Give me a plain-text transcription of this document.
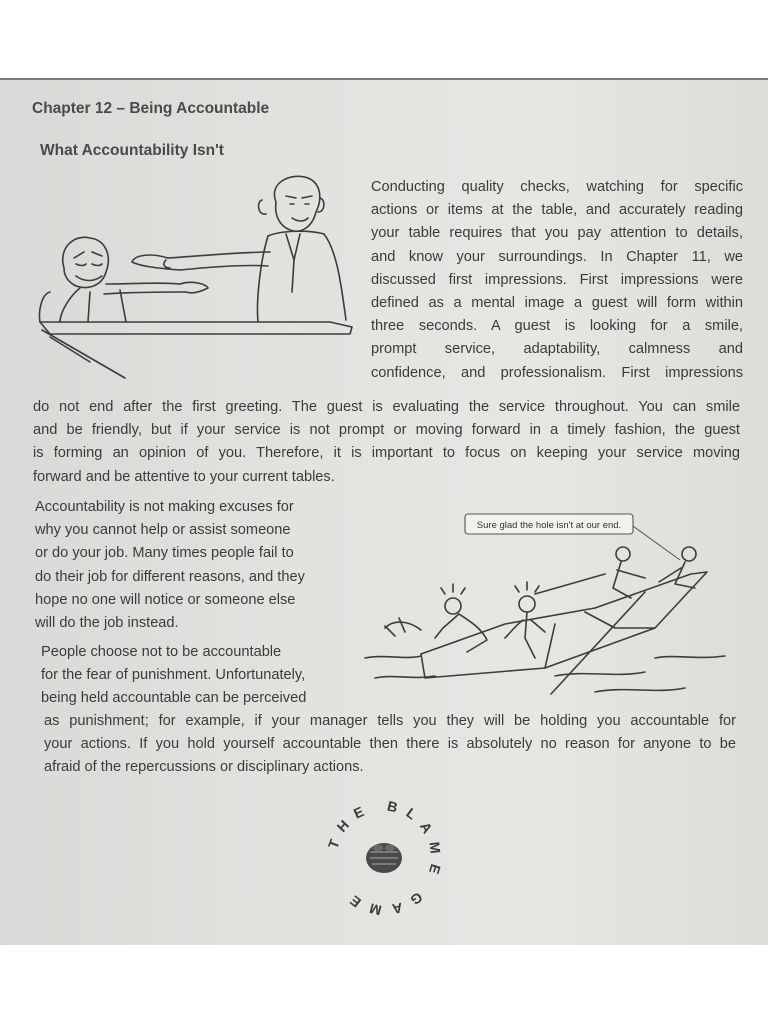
Chapter 12 – Being Accountable
What Accountability Isn't
Conducting quality checks, watching for specific
actions or items at the table, and accurately reading
your table requires that you pay attention to details,
and know your surroundings. In Chapter 11, we
discussed first impressions. First impressions were
defined as a mental image a guest will form within
three seconds. A guest is looking for a smile,
prompt service, adaptability, calmness and
confidence, and professionalism. First impressions
do not end after the first greeting. The guest is evaluating the service throughout. You can smile
and be friendly, but if your service is not prompt or moving forward in a timely fashion, the guest
is forming an opinion of you. Therefore, it is important to focus on keeping your service moving
forward and be attentive to your current tables.
Accountability is not making excuses for
why you cannot help or assist someone
or do your job. Many times people fail to
do their job for different reasons, and they
hope no one will notice or someone else
will do the job instead.
Sure glad the hole isn't at our end.
People choose not to be accountable
for the fear of punishment. Unfortunately,
being held accountable can be perceived
as punishment; for example, if your manager tells you they will be holding you accountable for
your actions. If you hold yourself accountable then there is absolutely no reason for anyone to be
afraid of the repercussions or disciplinary actions.
THE BLAME GAME
